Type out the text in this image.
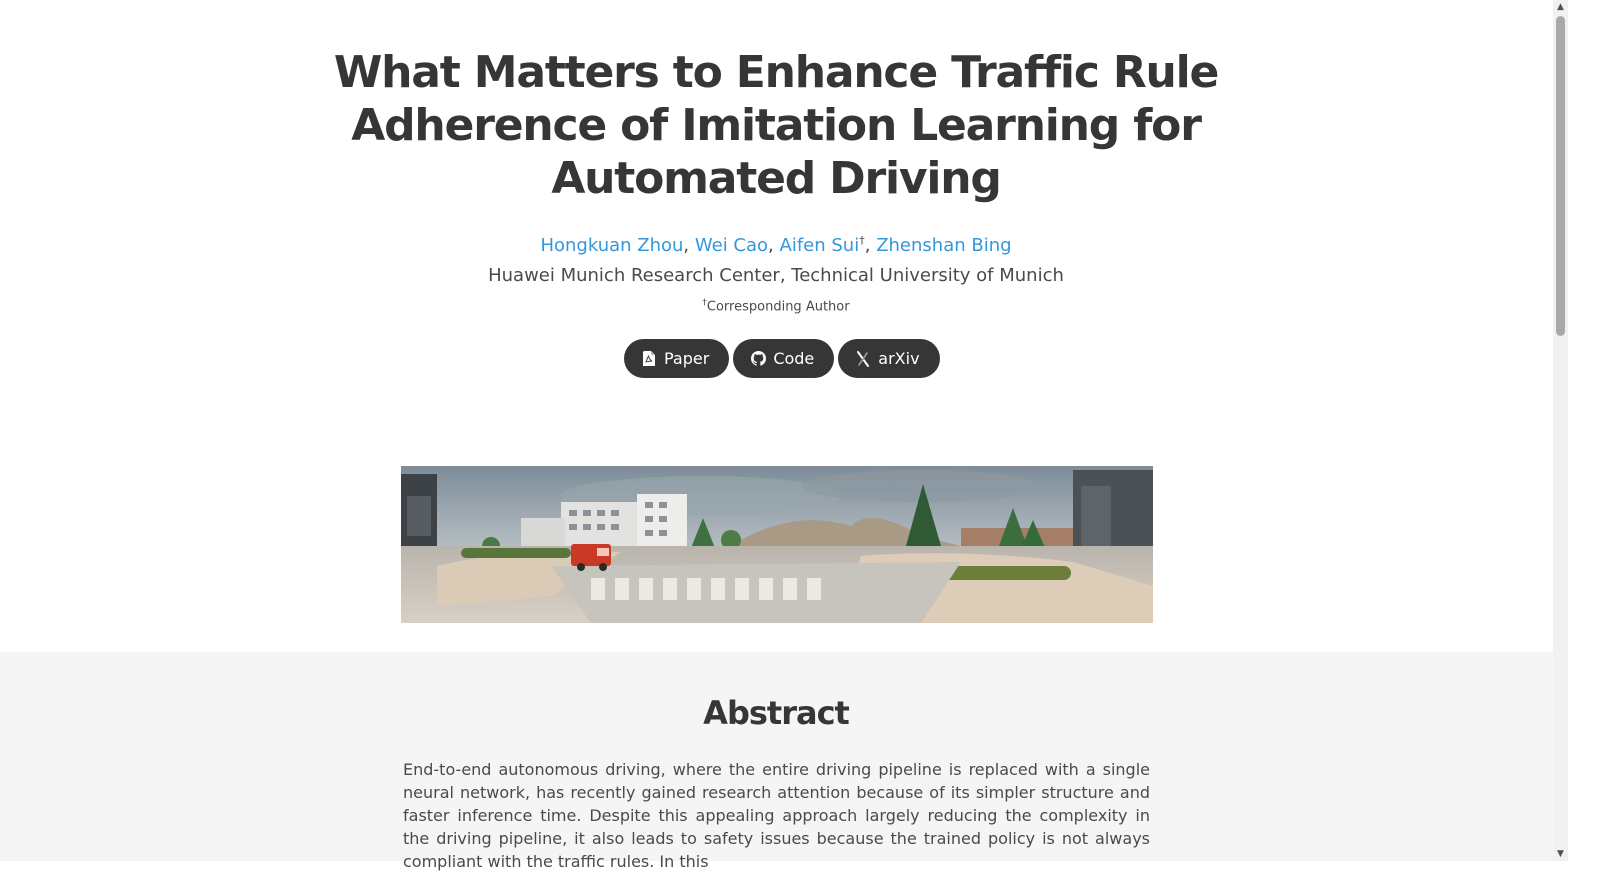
What Matters to Enhance Traffic Rule Adherence of Imitation Learning for Automated Driving
Hongkuan Zhou, Wei Cao, Aifen Sui†, Zhenshan Bing
Huawei Munich Research Center, Technical University of Munich
†Corresponding Author
Paper	Code	arXiv
Abstract

End-to-end autonomous driving, where the entire driving pipeline is replaced with a single neural network, has recently gained research attention because of its simpler structure and faster inference time. Despite this appealing approach largely reducing the complexity in the driving pipeline, it also leads to safety issues because the trained policy is not always compliant with the traffic rules. In this

▲
▼
